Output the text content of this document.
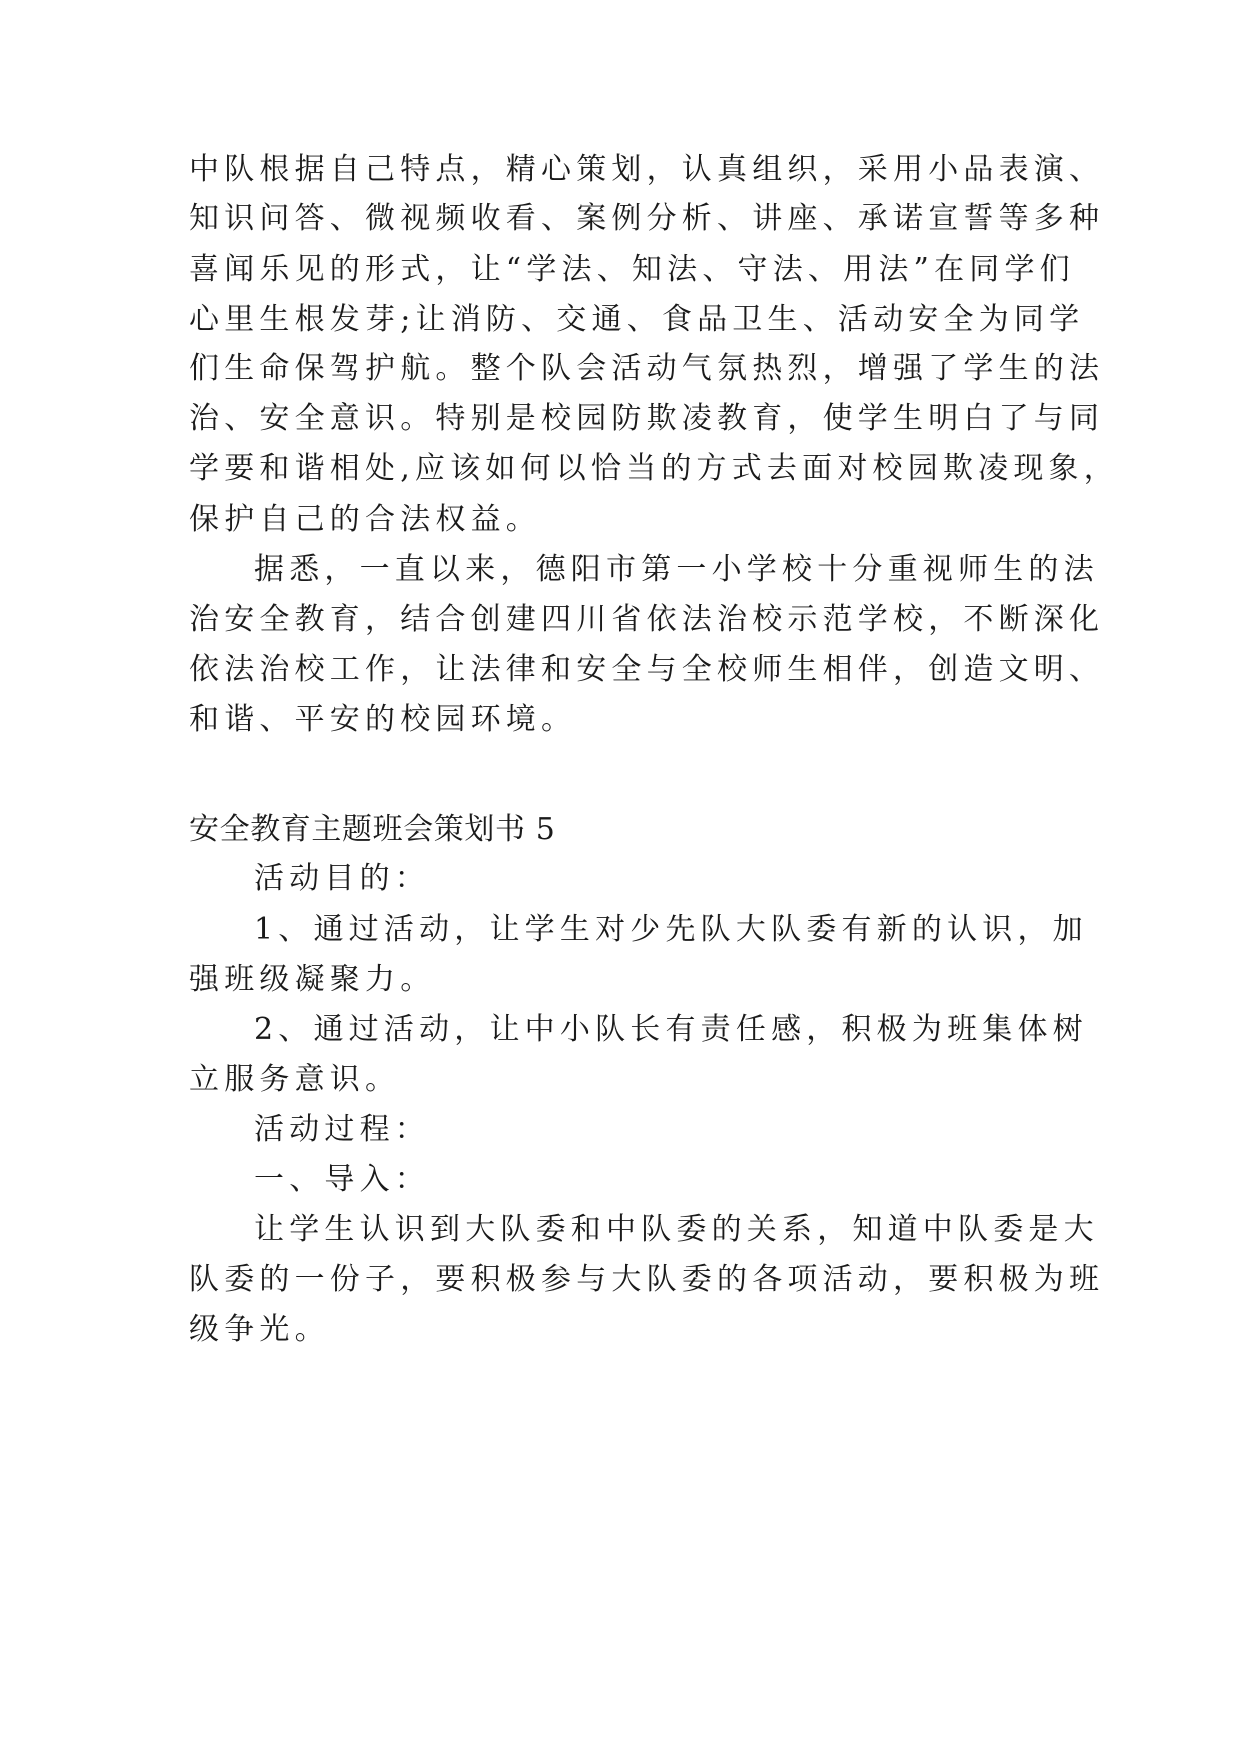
中队根据自己特点，精心策划，认真组织，采用小品表演、
知识问答、微视频收看、案例分析、讲座、承诺宣誓等多种
喜闻乐见的形式，让“学法、知法、守法、用法”在同学们
心里生根发芽;让消防、交通、食品卫生、活动安全为同学
们生命保驾护航。整个队会活动气氛热烈，增强了学生的法
治、安全意识。特别是校园防欺凌教育，使学生明白了与同
学要和谐相处,应该如何以恰当的方式去面对校园欺凌现象，
保护自己的合法权益。
据悉，一直以来，德阳市第一小学校十分重视师生的法
治安全教育，结合创建四川省依法治校示范学校，不断深化
依法治校工作，让法律和安全与全校师生相伴，创造文明、
和谐、平安的校园环境。
安全教育主题班会策划书 5
活动目的：
1、通过活动，让学生对少先队大队委有新的认识，加
强班级凝聚力。
2、通过活动，让中小队长有责任感，积极为班集体树
立服务意识。
活动过程：
一、导入：
让学生认识到大队委和中队委的关系，知道中队委是大
队委的一份子，要积极参与大队委的各项活动，要积极为班
级争光。
